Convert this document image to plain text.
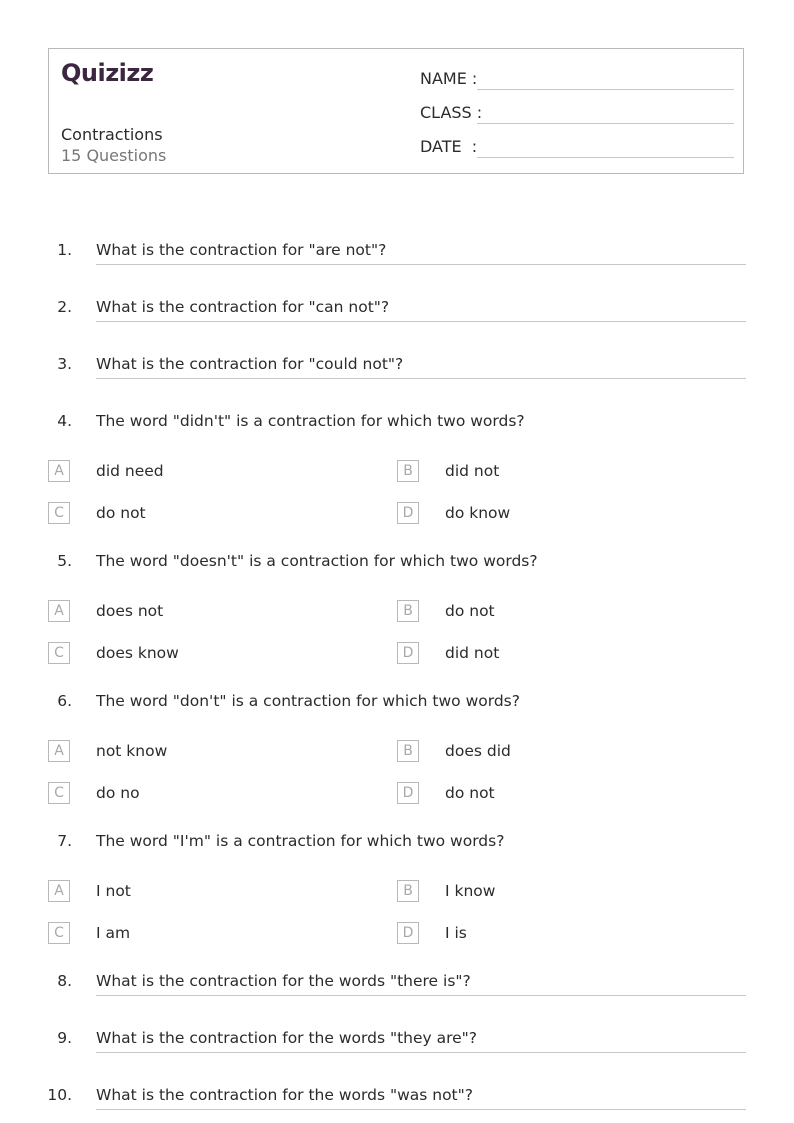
Quizizz
Contractions
15 Questions
NAME :
CLASS :
DATE  :
1. What is the contraction for "are not"?
2. What is the contraction for "can not"?
3. What is the contraction for "could not"?
4. The word "didn't" is a contraction for which two words?
A	did need	B	did not
C	do not	D	do know
5. The word "doesn't" is a contraction for which two words?
A	does not	B	do not
C	does know	D	did not
6. The word "don't" is a contraction for which two words?
A	not know	B	does did
C	do no	D	do not
7. The word "I'm" is a contraction for which two words?
A	I not	B	I know
C	I am	D	I is
8. What is the contraction for the words "there is"?
9. What is the contraction for the words "they are"?
10. What is the contraction for the words "was not"?
